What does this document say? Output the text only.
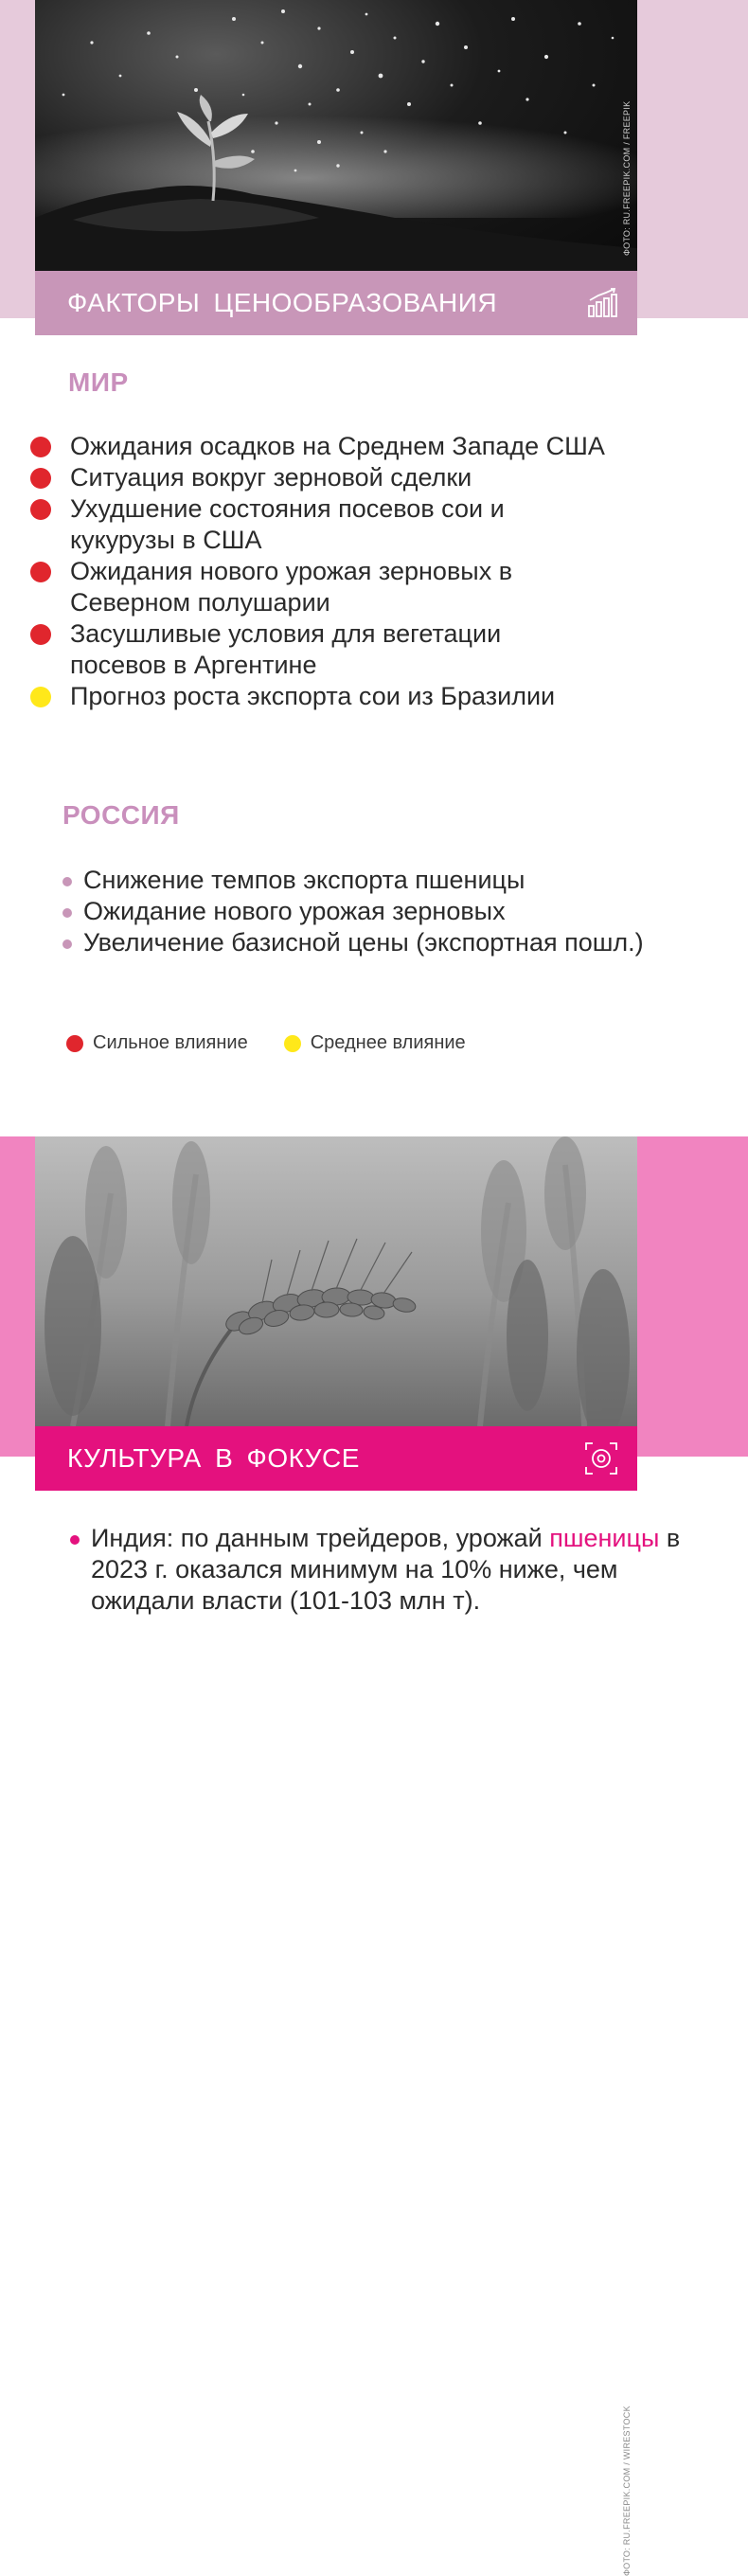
ФОТО: RU.FREEPIK.COM / FREEPIK
ФАКТОРЫ ЦЕНООБРАЗОВАНИЯ
МИР
Ожидания осадков на Среднем Западе США
Ситуация вокруг зерновой сделки
Ухудшение состояния посевов сои и кукурузы в США
Ожидания нового урожая зерновых в Северном полушарии
Засушливые условия для вегетации посевов в Аргентине
Прогноз роста экспорта сои из Бразилии
РОССИЯ
Снижение темпов экспорта пшеницы
Ожидание нового урожая зерновых
Увеличение базисной цены (экспортная пошл.)
Сильное влияние	Среднее влияние
ФОТО: RU.FREEPIK.COM / WIRESTOCK
КУЛЬТУРА В ФОКУСЕ
Индия: по данным трейдеров, урожай пшеницы в 2023 г. оказался минимум на 10% ниже, чем ожидали власти (101-103 млн т).
